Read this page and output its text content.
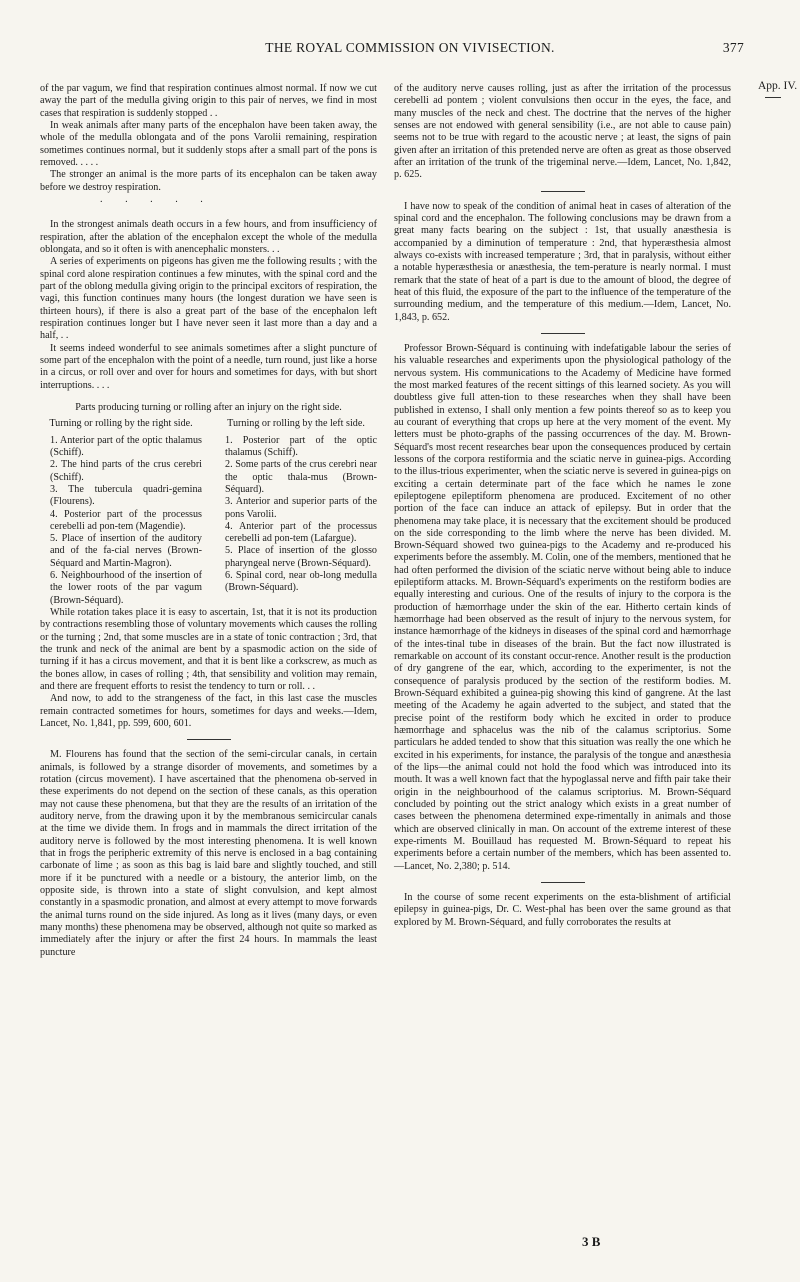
THE ROYAL COMMISSION ON VIVISECTION.	377
App. IV.

of the par vagum, we find that respiration continues almost normal. If now we cut away the part of the medulla giving origin to this pair of nerves, we find in most cases that respiration is suddenly stopped . .

In weak animals after many parts of the encephalon have been taken away, the whole of the medulla oblongata and of the pons Varolii remaining, respiration sometimes continues normal, but it suddenly stops after a small part of the pons is removed. . . . .

The stronger an animal is the more parts of its encephalon can be taken away before we destroy respiration.

. . . . .

In the strongest animals death occurs in a few hours, and from insufficiency of respiration, after the ablation of the encephalon except the whole of the medulla oblongata, and so it often is with anencephalic monsters. . .

A series of experiments on pigeons has given me the following results ; with the spinal cord alone respiration continues a few minutes, with the spinal cord and the part of the oblong medulla giving origin to the principal excitors of respiration, the vagi, this function continues many hours (the longest duration we have seen is thirteen hours), if there is also a great part of the base of the encephalon left respiration continues longer but I have never seen it last more than a day and a half, . .

It seems indeed wonderful to see animals sometimes after a slight puncture of some part of the encephalon with the point of a needle, turn round, just like a horse in a circus, or roll over and over for hours and sometimes for days, with but short interruptions. . . .

Parts producing turning or rolling after an injury on the right side.

Turning or rolling by the right side.

1. Anterior part of the optic thalamus (Schiff).

2. The hind parts of the crus cerebri (Schiff).

3. The tubercula quadri-gemina (Flourens).

4. Posterior part of the processus cerebelli ad pon-tem (Magendie).

5. Place of insertion of the auditory and of the fa-cial nerves (Brown-Séquard and Martin-Magron).

6. Neighbourhood of the insertion of the lower roots of the par vagum (Brown-Séquard).

Turning or rolling by the left side.

1. Posterior part of the optic thalamus (Schiff).

2. Some parts of the crus cerebri near the optic thala-mus (Brown-Séquard).

3. Anterior and superior parts of the pons Varolii.

4. Anterior part of the processus cerebelli ad pon-tem (Lafargue).

5. Place of insertion of the glosso pharyngeal nerve (Brown-Séquard).

6. Spinal cord, near ob-long medulla (Brown-Séquard).

While rotation takes place it is easy to ascertain, 1st, that it is not its production by contractions resembling those of voluntary movements which causes the rolling or the turning ; 2nd, that some muscles are in a state of tonic contraction ; 3rd, that the trunk and neck of the animal are bent by a spasmodic action on the side of turning if it has a circus movement, and that it is bent like a corkscrew, as much as the bones allow, in cases of rolling ; 4th, that sensibility and volition may remain, and there are frequent efforts to resist the tendency to turn or roll. . .

And now, to add to the strangeness of the fact, in this last case the muscles remain contracted sometimes for hours, sometimes for days and weeks.—Idem, Lancet, No. 1,841, pp. 599, 600, 601.

M. Flourens has found that the section of the semi-circular canals, in certain animals, is followed by a strange disorder of movements, and sometimes by a rotation (circus movement). I have ascertained that the phenomena ob-served in these experiments do not depend on the section of these canals, as this operation may not cause these phenomena, but that they are the results of an irritation of the auditory nerve, from the drawing upon it by the membranous semicircular canals at the time we divide them. In frogs and in mammals the direct irritation of the auditory nerve is followed by the most interesting phenomena. It is well known that in frogs the peripheric extremity of this nerve is enclosed in a bag containing carbonate of lime ; as soon as this bag is laid bare and slightly touched, and still more if it be punctured with a needle or a bistoury, the anterior limb, on the opposite side, is thrown into a state of slight convulsion, and kept almost constantly in a spasmodic pronation, and almost at every attempt to move forwards the animal turns round on the side injured. As long as it lives (many days, or even many months) these phenomena may be observed, although not quite so marked as immediately after the injury or after the first 24 hours. In mammals the least puncture

of the auditory nerve causes rolling, just as after the irritation of the processus cerebelli ad pontem ; violent convulsions then occur in the eyes, the face, and many muscles of the neck and chest. The doctrine that the nerves of the higher senses are not endowed with general sensibility (i.e., are not able to cause pain) seems not to be true with regard to the acoustic nerve ; at least, the signs of pain given after an irritation of this pretended nerve are often as great as those observed after an irritation of the trunk of the trigeminal nerve.—Idem, Lancet, No. 1,842, p. 625.

I have now to speak of the condition of animal heat in cases of alteration of the spinal cord and the encephalon. The following conclusions may be drawn from a great many facts bearing on the subject : 1st, that usually anæsthesia is accompanied by a diminution of temperature : 2nd, that hyperæsthesia almost always co-exists with increased temperature ; 3rd, that in paralysis, without either a notable hyperæsthesia or anæsthesia, the tem-perature is nearly normal. I must remark that the state of heat of a part is due to the amount of blood, the degree of heat of this fluid, the exposure of the part to the influence of the temperature of the surrounding medium, and the temperature of this medium.—Idem, Lancet, No. 1,843, p. 652.

Professor Brown-Séquard is continuing with indefatigable labour the series of his valuable researches and experiments upon the physiological pathology of the nervous system. His communications to the Academy of Medicine have formed the most marked features of the recent sittings of this learned society. As you will doubtless give full atten-tion to these researches when they shall have been published in extenso, I shall only mention a few points thereof so as to keep you au courant of everything that crops up here at the very moment of the event. My letters must be photo-graphs of the passing occurrences of the day. M. Brown-Séquard's most recent researches bear upon the consequences produced by certain lessons of the corpora restiformia and the sciatic nerve in guinea-pigs. According to the illus-trious experimenter, when the sciatic nerve is severed in guinea-pigs on exciting a certain determinate part of the face which he names le zone epileptogene epileptiform phenomena are produced. Excitement of no other portion of the face can induce an attack of epilepsy. But in order that the phenomena may take place, it is necessary that the excitement should be produced on the side corresponding to the limb where the nerve has been divided. M. Brown-Séquard showed two guinea-pigs to the Academy and re-produced his experiments before the assembly. M. Colin, one of the members, mentioned that he had often performed the division of the sciatic nerve without being able to induce epileptiform attacks. M. Brown-Séquard's experiments on the restiform bodies are equally interesting and curious. One of the results of injury to the corpora is the production of hæmorrhage under the skin of the ear. Hitherto certain kinds of hæmorrhage had been observed as the result of injury to the nervous system, for instance hæmorrhage of the kidneys in diseases of the spinal cord and hæmorrhage of the intes-tinal tube in diseases of the brain. But the fact now illustrated is remarkable on account of its constant occur-rence. Another result is the production of dry gangrene of the ear, which, according to the experimenter, is not the consequence of paralysis produced by the section of the restiform bodies. M. Brown-Séquard exhibited a guinea-pig showing this kind of gangrene. At the last meeting of the Academy he again adverted to the subject, and stated that the precise point of the restiform body which he excited in order to produce hæmorrhage and sphacelus was the nib of the calamus scriptorius. Some particulars he added tended to show that this situation was really the one which he excited in his experiments, for instance, the paralysis of the tongue and anæsthesia of the lips—the animal could not hold the food which was introduced into its mouth. It was a well known fact that the hypoglassal nerve and fifth pair take their origin in the neighbourhood of the calamus scriptorius. M. Brown-Séquard concluded by pointing out the strict analogy which exists in a great number of cases between the phenomena determined expe-rimentally in animals and those which are observed clinically in man. On account of the extreme interest of these expe-riments M. Bouillaud has requested M. Brown-Séquard to repeat his experiments before a certain number of the members, which has been assented to.—Lancet, No. 2,380; p. 514.

In the course of some recent experiments on the esta-blishment of artificial epilepsy in guinea-pigs, Dr. C. West-phal has been over the same ground as that explored by M. Brown-Séquard, and fully corroborates the results at

3 B
